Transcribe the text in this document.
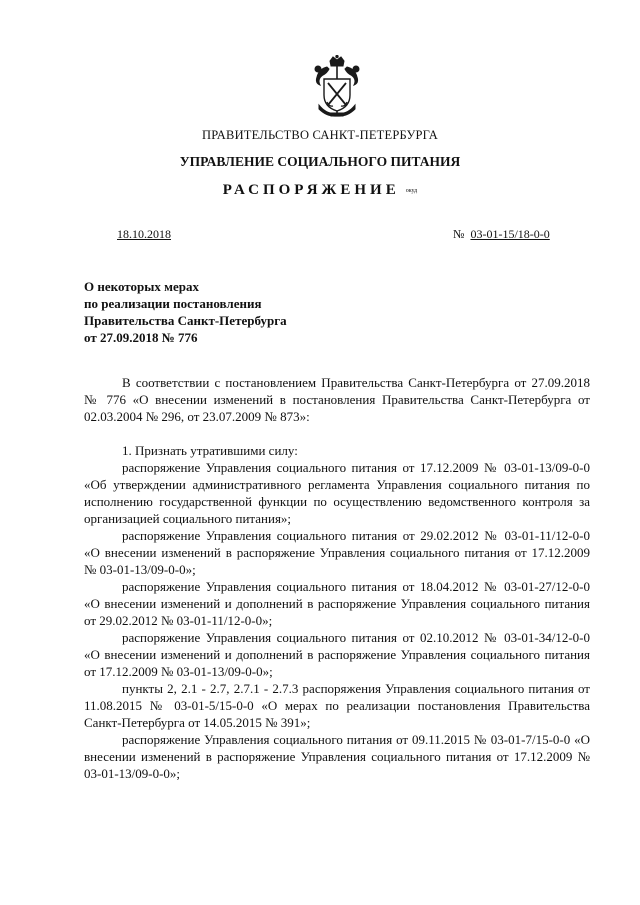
ПРАВИТЕЛЬСТВО САНКТ-ПЕТЕРБУРГА
УПРАВЛЕНИЕ СОЦИАЛЬНОГО ПИТАНИЯ
РАСПОРЯЖЕНИЕ окуд
18.10.2018	№ 03-01-15/18-0-0
О некоторых мерах
по реализации постановления
Правительства Санкт-Петербурга
от 27.09.2018 № 776

В соответствии с постановлением Правительства Санкт-Петербурга от 27.09.2018 № 776 «О внесении изменений в постановления Правительства Санкт-Петербурга от 02.03.2004 № 296, от 23.07.2009 № 873»:

1. Признать утратившими силу:

распоряжение Управления социального питания от 17.12.2009 № 03-01-13/09-0-0 «Об утверждении административного регламента Управления социального питания по исполнению государственной функции по осуществлению ведомственного контроля за организацией социального питания»;

распоряжение Управления социального питания от 29.02.2012 № 03-01-11/12-0-0 «О внесении изменений в распоряжение Управления социального питания от 17.12.2009 № 03-01-13/09-0-0»;

распоряжение Управления социального питания от 18.04.2012 № 03-01-27/12-0-0 «О внесении изменений и дополнений в распоряжение Управления социального питания от 29.02.2012 № 03-01-11/12-0-0»;

распоряжение Управления социального питания от 02.10.2012 № 03-01-34/12-0-0 «О внесении изменений и дополнений в распоряжение Управления социального питания от 17.12.2009 № 03-01-13/09-0-0»;

пункты 2, 2.1 - 2.7, 2.7.1 - 2.7.3 распоряжения Управления социального питания от 11.08.2015 № 03-01-5/15-0-0 «О мерах по реализации постановления Правительства Санкт-Петербурга от 14.05.2015 № 391»;

распоряжение Управления социального питания от 09.11.2015 № 03-01-7/15-0-0 «О внесении изменений в распоряжение Управления социального питания от 17.12.2009 № 03-01-13/09-0-0»;
